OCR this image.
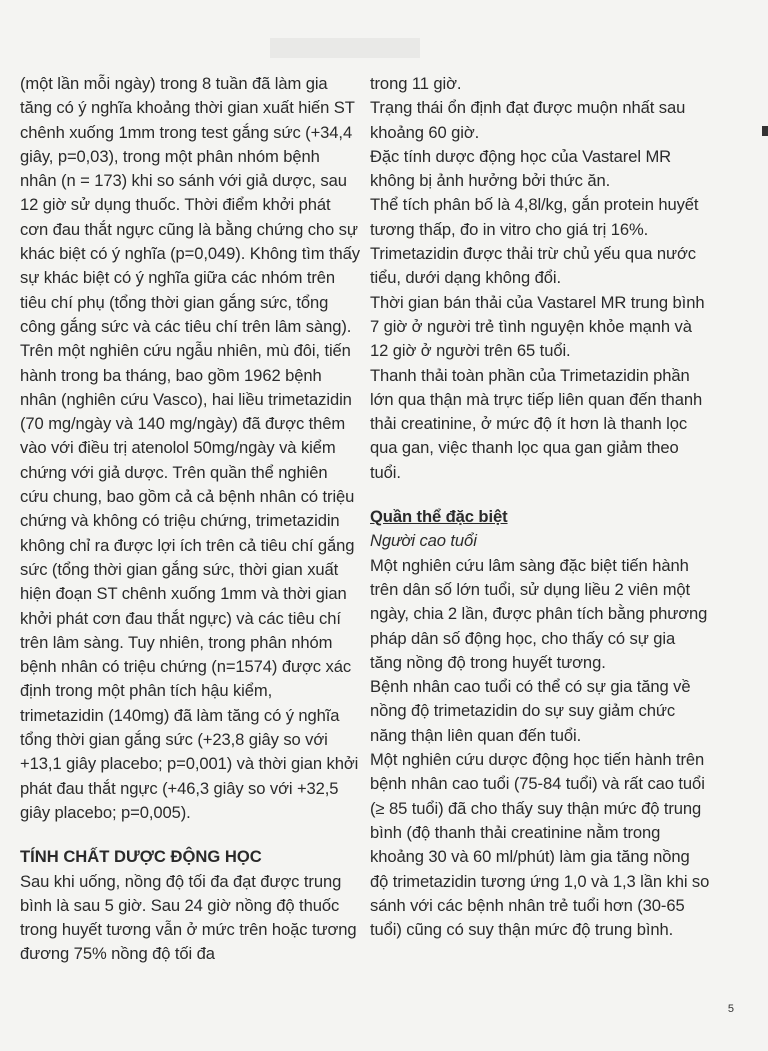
(một lần mỗi ngày) trong 8 tuần đã làm gia tăng có ý nghĩa khoảng thời gian xuất hiến ST chênh xuống 1mm trong test gắng sức (+34,4 giây, p=0,03), trong một phân nhóm bệnh nhân (n = 173) khi so sánh với giả dược, sau 12 giờ sử dụng thuốc. Thời điểm khởi phát cơn đau thắt ngực cũng là bằng chứng cho sự khác biệt có ý nghĩa (p=0,049). Không tìm thấy sự khác biệt có ý nghĩa giữa các nhóm trên tiêu chí phụ (tổng thời gian gắng sức, tổng công gắng sức và các tiêu chí trên lâm sàng).

Trên một nghiên cứu ngẫu nhiên, mù đôi, tiến hành trong ba tháng, bao gồm 1962 bệnh nhân (nghiên cứu Vasco), hai liều trimetazidin (70 mg/ngày và 140 mg/ngày) đã được thêm vào với điều trị atenolol 50mg/ngày và kiểm chứng với giả dược. Trên quần thể nghiên cứu chung, bao gồm cả cả bệnh nhân có triệu chứng và không có triệu chứng, trimetazidin không chỉ ra được lợi ích trên cả tiêu chí gắng sức (tổng thời gian gắng sức, thời gian xuất hiện đoạn ST chênh xuống 1mm và thời gian khởi phát cơn đau thắt ngực) và các tiêu chí trên lâm sàng. Tuy nhiên, trong phân nhóm bệnh nhân có triệu chứng (n=1574) được xác định trong một phân tích hậu kiểm, trimetazidin (140mg) đã làm tăng có ý nghĩa tổng thời gian gắng sức (+23,8 giây so với +13,1 giây placebo; p=0,001) và thời gian khởi phát đau thắt ngực (+46,3 giây so với +32,5 giây placebo; p=0,005).

TÍNH CHẤT DƯỢC ĐỘNG HỌC

Sau khi uống, nồng độ tối đa đạt được trung bình là sau 5 giờ. Sau 24 giờ nồng độ thuốc trong huyết tương vẫn ở mức trên hoặc tương đương 75% nồng độ tối đa

trong 11 giờ.

Trạng thái ổn định đạt được muộn nhất sau khoảng 60 giờ.

Đặc tính dược động học của Vastarel MR không bị ảnh hưởng bởi thức ăn.

Thể tích phân bố là 4,8l/kg, gắn protein huyết tương thấp, đo in vitro cho giá trị 16%.

Trimetazidin được thải trừ chủ yếu qua nước tiểu, dưới dạng không đổi.

Thời gian bán thải của Vastarel MR trung bình 7 giờ ở người trẻ tình nguyện khỏe mạnh và 12 giờ ở người trên 65 tuổi.

Thanh thải toàn phần của Trimetazidin phần lớn qua thận mà trực tiếp liên quan đến thanh thải creatinine, ở mức độ ít hơn là thanh lọc qua gan, việc thanh lọc qua gan giảm theo tuổi.

Quần thể đặc biệt

Người cao tuổi

Một nghiên cứu lâm sàng đặc biệt tiến hành trên dân số lớn tuổi, sử dụng liều 2 viên một ngày, chia 2 lần, được phân tích bằng phương pháp dân số động học, cho thấy có sự gia tăng nồng độ trong huyết tương.

Bệnh nhân cao tuổi có thể có sự gia tăng về nồng độ trimetazidin do sự suy giảm chức năng thận liên quan đến tuổi.

Một nghiên cứu dược động học tiến hành trên bệnh nhân cao tuổi (75-84 tuổi) và rất cao tuổi (≥ 85 tuổi) đã cho thấy suy thận mức độ trung bình (độ thanh thải creatinine nằm trong khoảng 30 và 60 ml/phút) làm gia tăng nồng độ trimetazidin tương ứng 1,0 và 1,3 lần khi so sánh với các bệnh nhân trẻ tuổi hơn (30-65 tuổi) cũng có suy thận mức độ trung bình.

5
